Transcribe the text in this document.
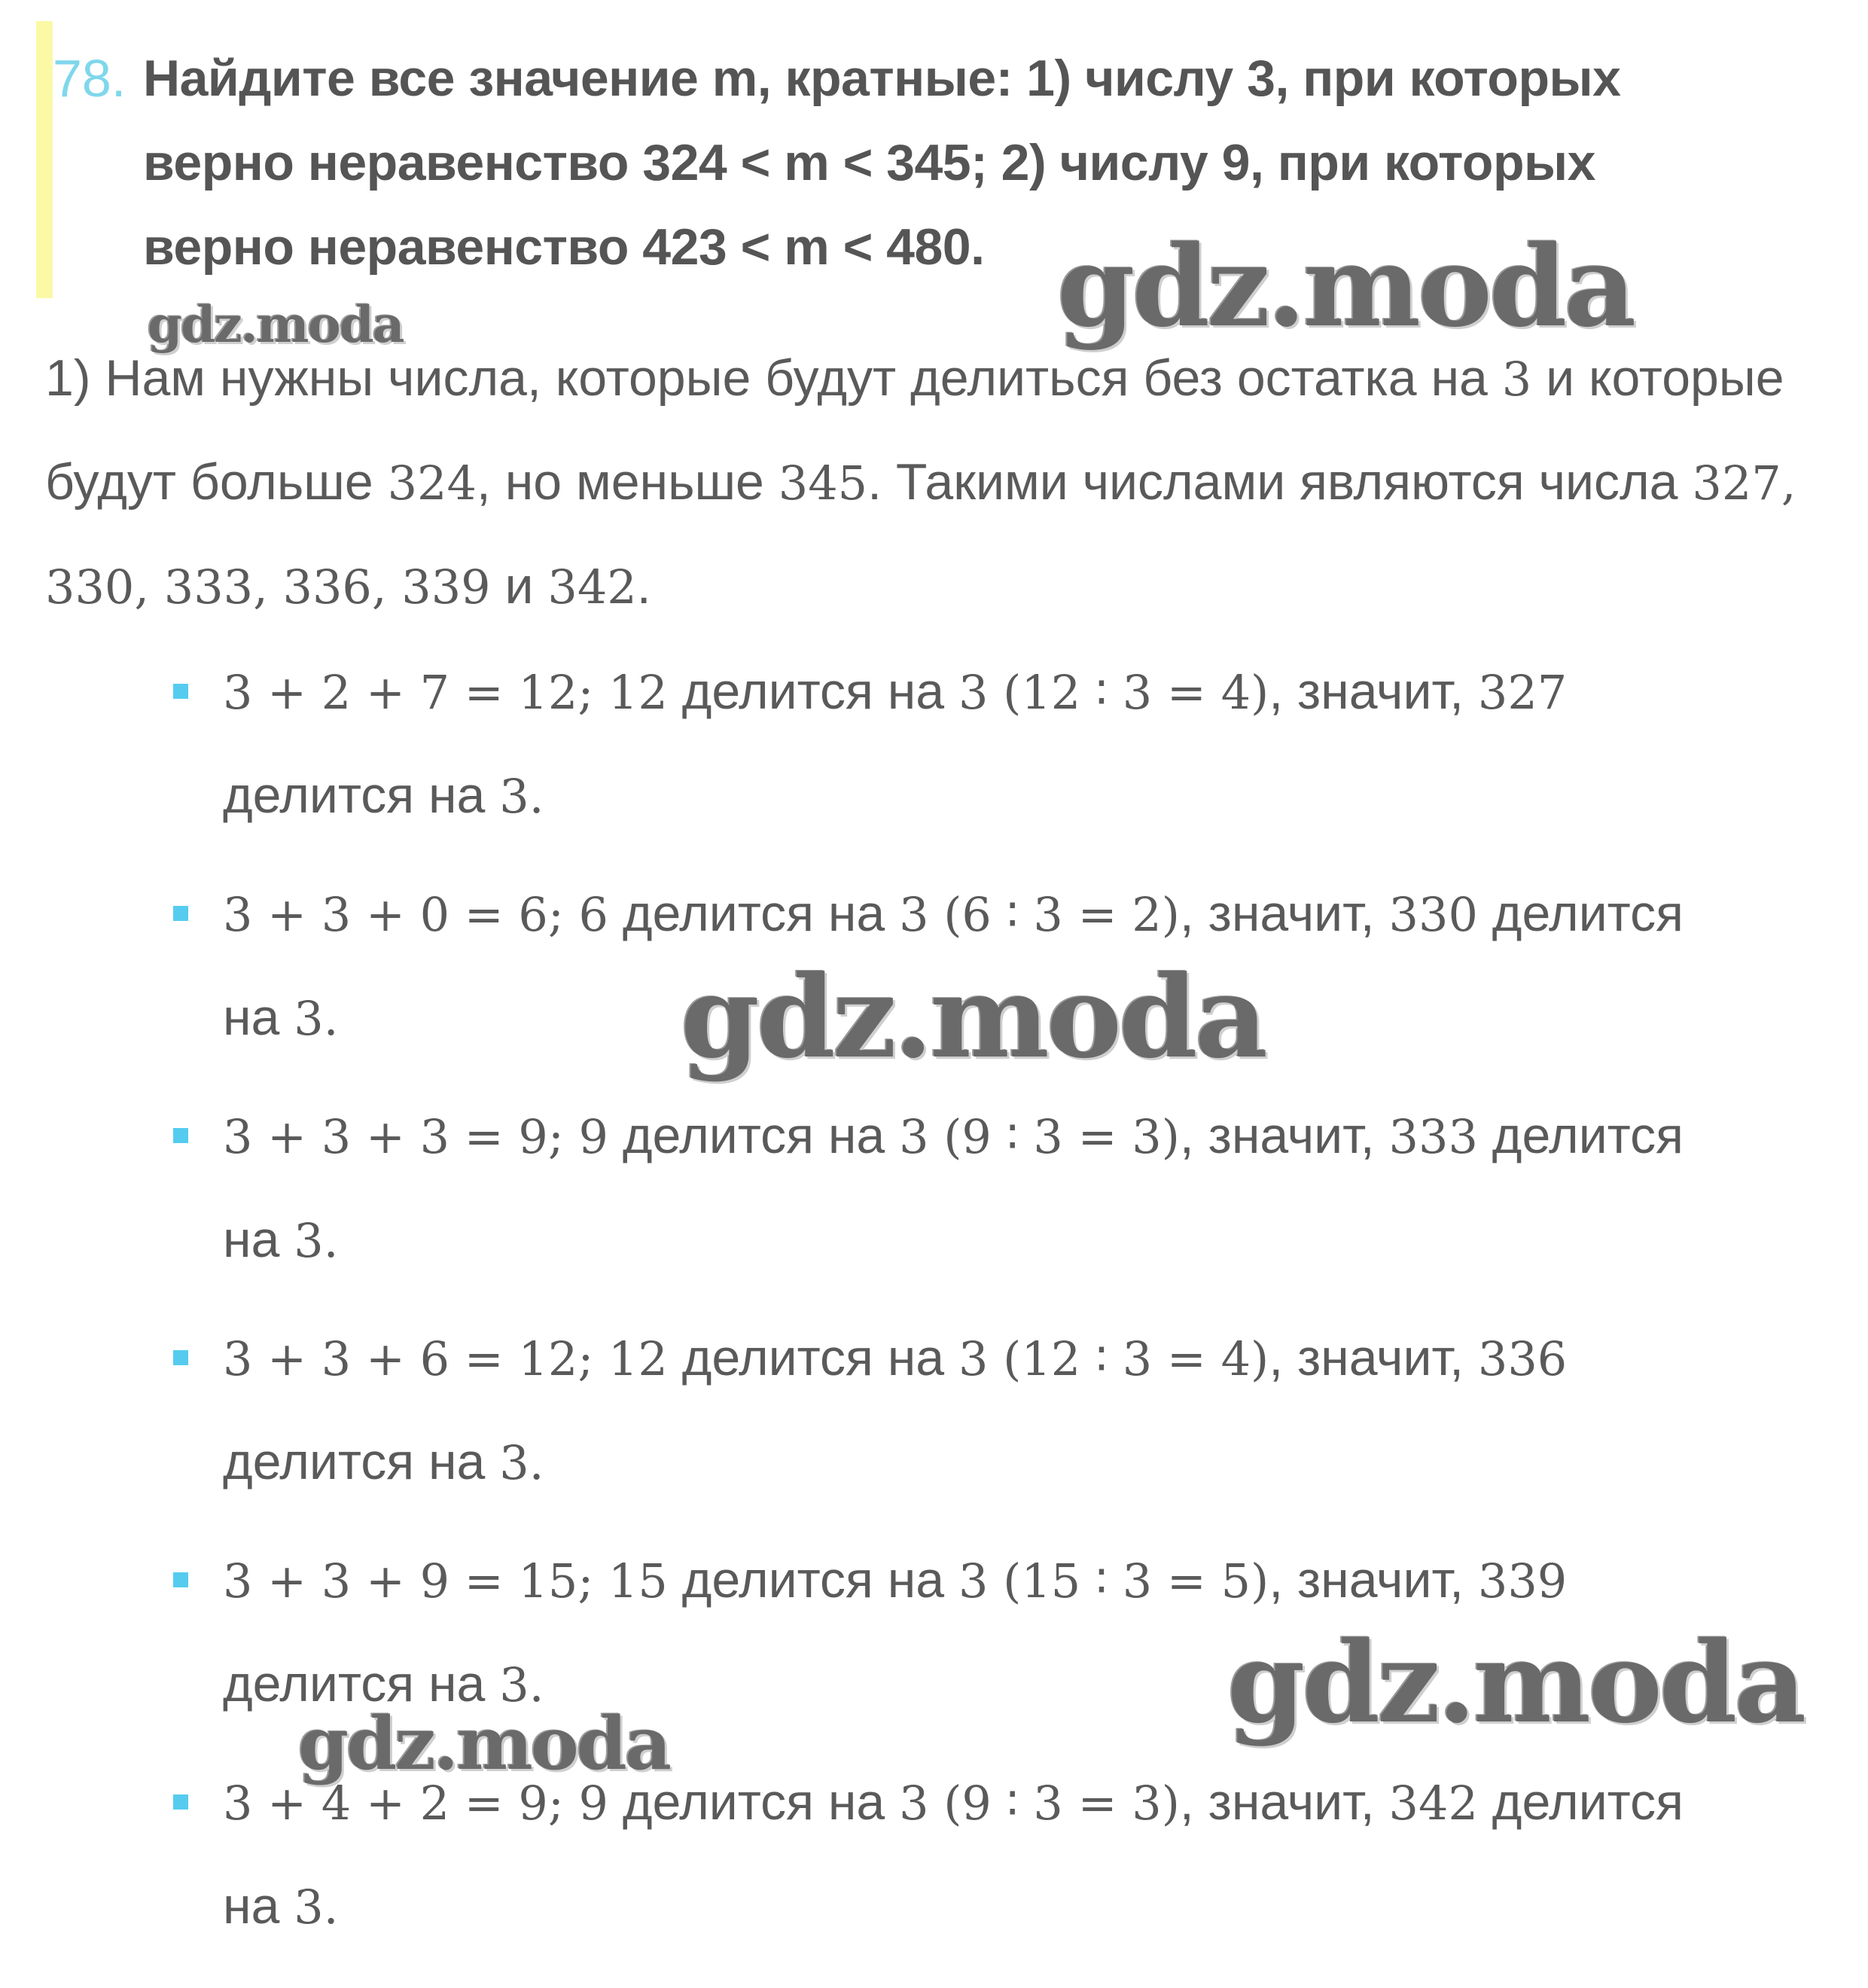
78. Найдите все значение m, кратные: 1) числу 3, при которых верно неравенство 324 < m < 345; 2) числу 9, при которых верно неравенство 423 < m < 480.
1) Нам нужны числа, которые будут делиться без остатка на 3 и которые будут больше 324, но меньше 345. Такими числами являются числа 327, 330, 333, 336, 339 и 342.
3 + 2 + 7 = 12; 12 делится на 3 (12 ∶ 3 = 4), значит, 327 делится на 3.
3 + 3 + 0 = 6; 6 делится на 3 (6 ∶ 3 = 2), значит, 330 делится на 3.
3 + 3 + 3 = 9; 9 делится на 3 (9 ∶ 3 = 3), значит, 333 делится на 3.
3 + 3 + 6 = 12; 12 делится на 3 (12 ∶ 3 = 4), значит, 336 делится на 3.
3 + 3 + 9 = 15; 15 делится на 3 (15 ∶ 3 = 5), значит, 339 делится на 3.
3 + 4 + 2 = 9; 9 делится на 3 (9 ∶ 3 = 3), значит, 342 делится на 3.
gdz.moda
gdz.moda
gdz.moda
gdz.moda
gdz.moda
